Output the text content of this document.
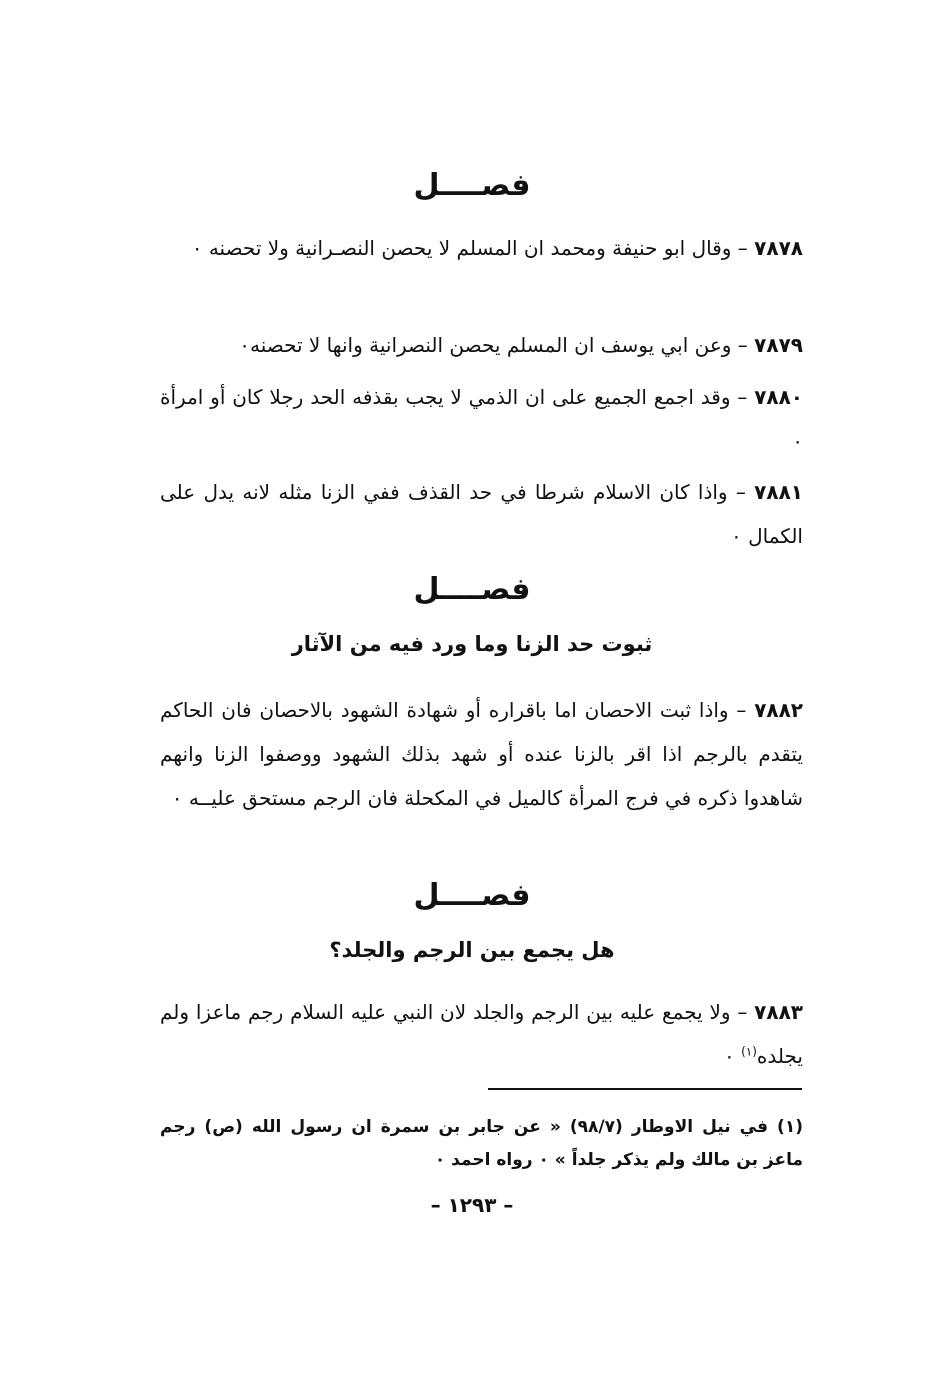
فصــــل
٧٨٧٨ – وقال ابو حنيفة ومحمد ان المسلم لا يحصن النصـرانية ولا تحصنه ٠
٧٨٧٩ – وعن ابي يوسف ان المسلم يحصن النصرانية وانها لا تحصنه٠
٧٨٨٠ – وقد اجمع الجميع على ان الذمي لا يجب بقذفه الحد رجلا كان أو امرأة ٠
٧٨٨١ – واذا كان الاسلام شرطا في حد القذف ففي الزنا مثله لانه يدل على الكمال ٠
فصــــل
ثبوت حد الزنا وما ورد فيه من الآثار
٧٨٨٢ – واذا ثبت الاحصان اما باقراره أو شهادة الشهود بالاحصان فان الحاكم يتقدم بالرجم اذا اقر بالزنا عنده أو شهد بذلك الشهود ووصفوا الزنا وانهم شاهدوا ذكره في فرج المرأة كالميل في المكحلة فان الرجم مستحق عليــه ٠
فصــــل
هل يجمع بين الرجم والجلد؟
٧٨٨٣ – ولا يجمع عليه بين الرجم والجلد لان النبي عليه السلام رجم ماعزا ولم يجلده$^{(١)}$ ٠
(١) في نيل الاوطار (٩٨/٧) « عن جابر بن سمرة ان رسول الله (ص) رجم ماعز بن مالك ولم يذكر جلداً » ٠ رواه احمد ٠
– ١٢٩٣ –
